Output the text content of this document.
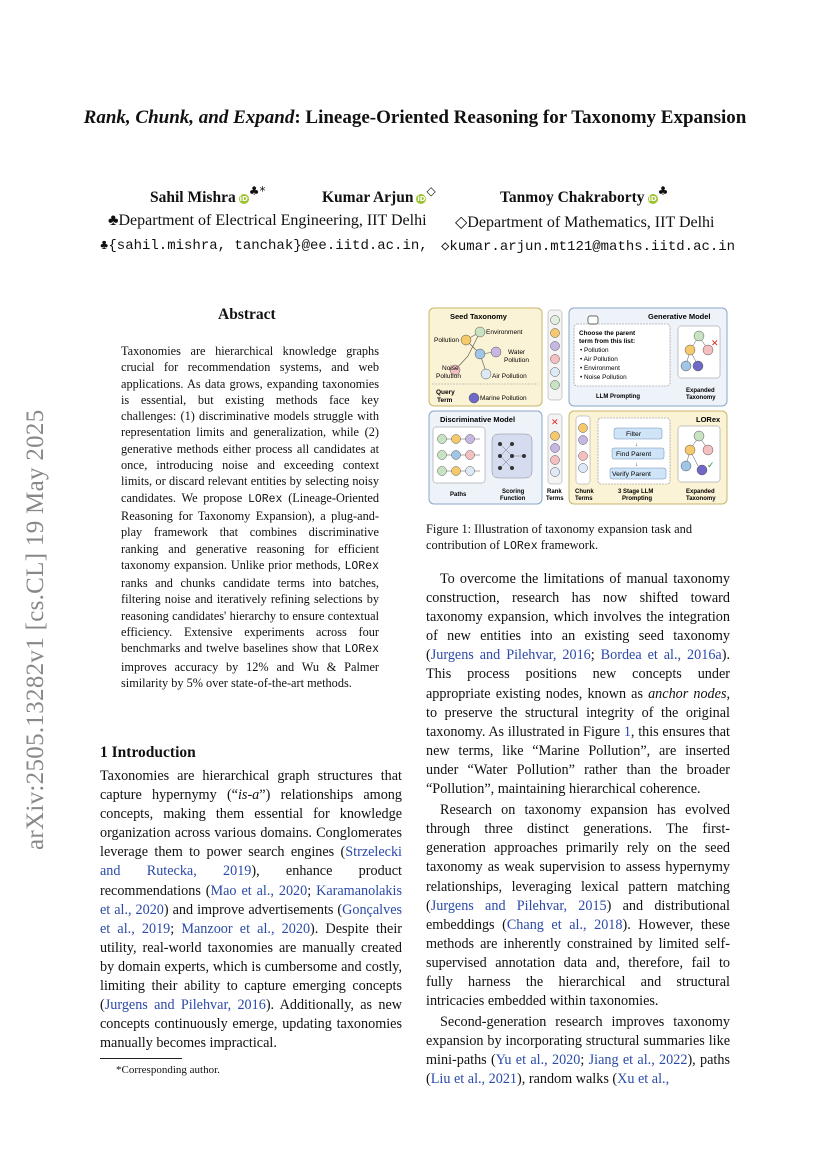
Rank, Chunk, and Expand: Lineage-Oriented Reasoning for Taxonomy Expansion
Sahil Mishra iD♣*	Kumar Arjun iD◇	Tanmoy Chakraborty iD♣
♣Department of Electrical Engineering, IIT Delhi ◇Department of Mathematics, IIT Delhi
♣{sahil.mishra, tanchak}@ee.iitd.ac.in, ◇kumar.arjun.mt121@maths.iitd.ac.in
arXiv:2505.13282v1 [cs.CL] 19 May 2025
Abstract
Taxonomies are hierarchical knowledge graphs crucial for recommendation systems, and web applications. As data grows, expanding taxonomies is essential, but existing methods face key challenges: (1) discriminative models struggle with representation limits and generalization, while (2) generative methods either process all candidates at once, introducing noise and exceeding context limits, or discard relevant entities by selecting noisy candidates. We propose LORex (Lineage-Oriented Reasoning for Taxonomy Expansion), a plug-and-play framework that combines discriminative ranking and generative reasoning for efficient taxonomy expansion. Unlike prior methods, LORex ranks and chunks candidate terms into batches, filtering noise and iteratively refining selections by reasoning candidates' hierarchy to ensure contextual efficiency. Extensive experiments across four benchmarks and twelve baselines show that LORex improves accuracy by 12% and Wu & Palmer similarity by 5% over state-of-the-art methods.
1 Introduction

Taxonomies are hierarchical graph structures that capture hypernymy (“is-a”) relationships among concepts, making them essential for knowledge organization across various domains. Conglomerates leverage them to power search engines (Strzelecki and Rutecka, 2019), enhance product recommendations (Mao et al., 2020; Karamanolakis et al., 2020) and improve advertisements (Gonçalves et al., 2019; Manzoor et al., 2020). Despite their utility, real-world taxonomies are manually created by domain experts, which is cumbersome and costly, limiting their ability to capture emerging concepts (Jurgens and Pilehvar, 2016). Additionally, as new concepts continuously emerge, updating taxonomies manually becomes impractical.

*Corresponding author.
Seed Taxonomy
Environment
Pollution
Water
Pollution
Noise
Pollution	Air Pollution
Query
Term	Marine Pollution
Generative Model
Choose the parent
term from this list:
• Pollution
• Air Pollution
• Environment
• Noise Pollution
LLM Prompting
✕
Expanded
Taxonomy
Discriminative Model
Paths	Scoring
Function
✕
Rank
Terms
LORex
Chunk
Terms
Filter
Find Parent
Verify Parent
↓
↓
3 Stage LLM
Prompting
✓
Expanded
Taxonomy
Figure 1: Illustration of taxonomy expansion task and contribution of LORex framework.

To overcome the limitations of manual taxonomy construction, research has now shifted toward taxonomy expansion, which involves the integration of new entities into an existing seed taxonomy (Jurgens and Pilehvar, 2016; Bordea et al., 2016a). This process positions new concepts under appropriate existing nodes, known as anchor nodes, to preserve the structural integrity of the original taxonomy. As illustrated in Figure 1, this ensures that new terms, like “Marine Pollution”, are inserted under “Water Pollution” rather than the broader “Pollution”, maintaining hierarchical coherence.

Research on taxonomy expansion has evolved through three distinct generations. The first-generation approaches primarily rely on the seed taxonomy as weak supervision to assess hypernymy relationships, leveraging lexical pattern matching (Jurgens and Pilehvar, 2015) and distributional embeddings (Chang et al., 2018). However, these methods are inherently constrained by limited self-supervised annotation data and, therefore, fail to fully harness the hierarchical and structural intricacies embedded within taxonomies.

Second-generation research improves taxonomy expansion by incorporating structural summaries like mini-paths (Yu et al., 2020; Jiang et al., 2022), paths (Liu et al., 2021), random walks (Xu et al.,
